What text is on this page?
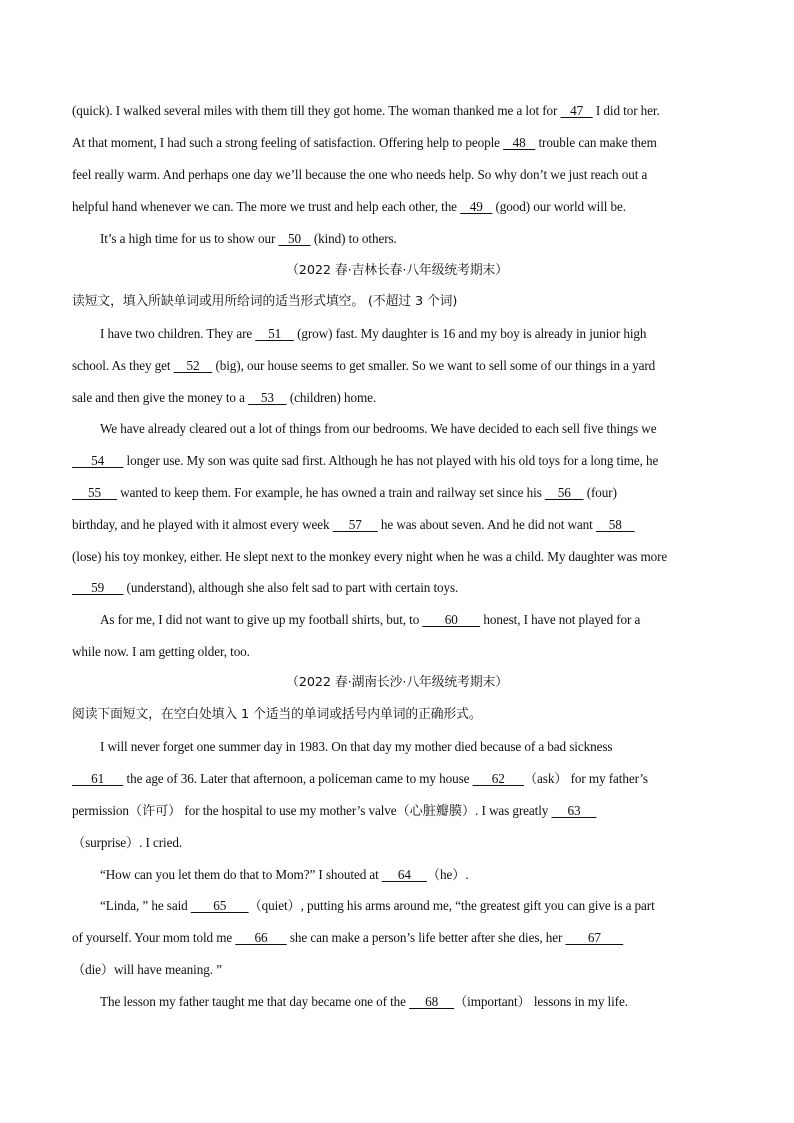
(quick). I walked several miles with them till they got home. The woman thanked me a lot for    47    I did tor her.
At that moment, I had such a strong feeling of satisfaction. Offering help to people    48    trouble can make them
feel really warm. And perhaps one day we’ll because the one who needs help. So why don’t we just reach out a
helpful hand whenever we can. The more we trust and help each other, the    49    (good) our world will be.
It’s a high time for us to show our    50    (kind) to others.
（2022 春·吉林长春·八年级统考期末）
读短文，填入所缺单词或用所给词的适当形式填空。 (不超过 3 个词)
I have two children. They are     51     (grow) fast. My daughter is 16 and my boy is already in junior high
school. As they get     52     (big), our house seems to get smaller. So we want to sell some of our things in a yard
sale and then give the money to a     53     (children) home.
We have already cleared out a lot of things from our bedrooms. We have decided to each sell five things we
54       longer use. My son was quite sad first. Although he has not played with his old toys for a long time, he
55      wanted to keep them. For example, he has owned a train and railway set since his     56     (four)
birthday, and he played with it almost every week      57      he was about seven. And he did not want     58
(lose) his toy monkey, either. He slept next to the monkey every night when he was a child. My daughter was more
59       (understand), although she also felt sad to part with certain toys.
As for me, I did not want to give up my football shirts, but, to        60        honest, I have not played for a
while now. I am getting older, too.
（2022 春·湖南长沙·八年级统考期末）
阅读下面短文，在空白处填入 1 个适当的单词或括号内单词的正确形式。
I will never forget one summer day in 1983. On that day my mother died because of a bad sickness
61       the age of 36. Later that afternoon, a policeman came to my house       62      （ask） for my father’s
permission（许可） for the hospital to use my mother’s valve（心脏瓣膜）. I was greatly      63
（surprise）. I cried.
“How can you let them do that to Mom?” I shouted at      64     （he）.
“Linda, ” he said        65       （quiet）, putting his arms around me, “the greatest gift you can give is a part
of yourself. Your mom told me       66       she can make a person’s life better after she dies, her        67
（die）will have meaning. ”
The lesson my father taught me that day became one of the      68     （important） lessons in my life.
